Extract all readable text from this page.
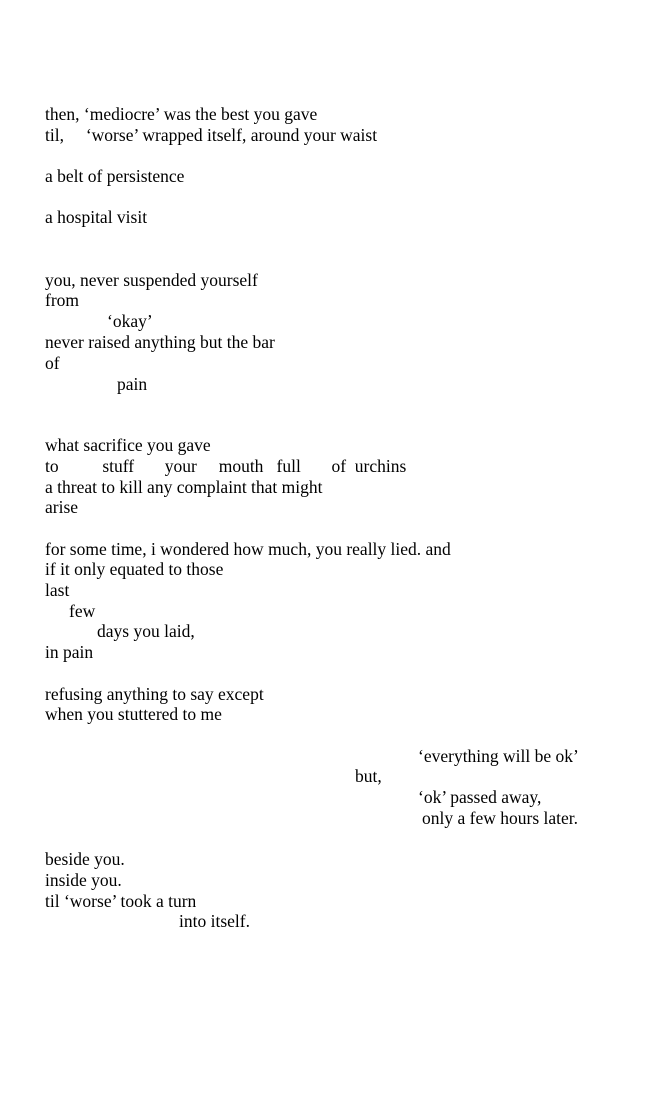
then, ‘mediocre’ was the best you gave
til,     ‘worse’ wrapped itself, around your waist
a belt of persistence
a hospital visit
you, never suspended yourself
from
‘okay’
never raised anything but the bar
of
pain
what sacrifice you gave
to          stuff       your     mouth   full       of  urchins
a threat to kill any complaint that might
arise
for some time, i wondered how much, you really lied. and
if it only equated to those
last
few
days you laid,
in pain
refusing anything to say except
when you stuttered to me
‘everything will be ok’
but,
‘ok’ passed away,
only a few hours later.
beside you.
inside you.
til ‘worse’ took a turn
into itself.
